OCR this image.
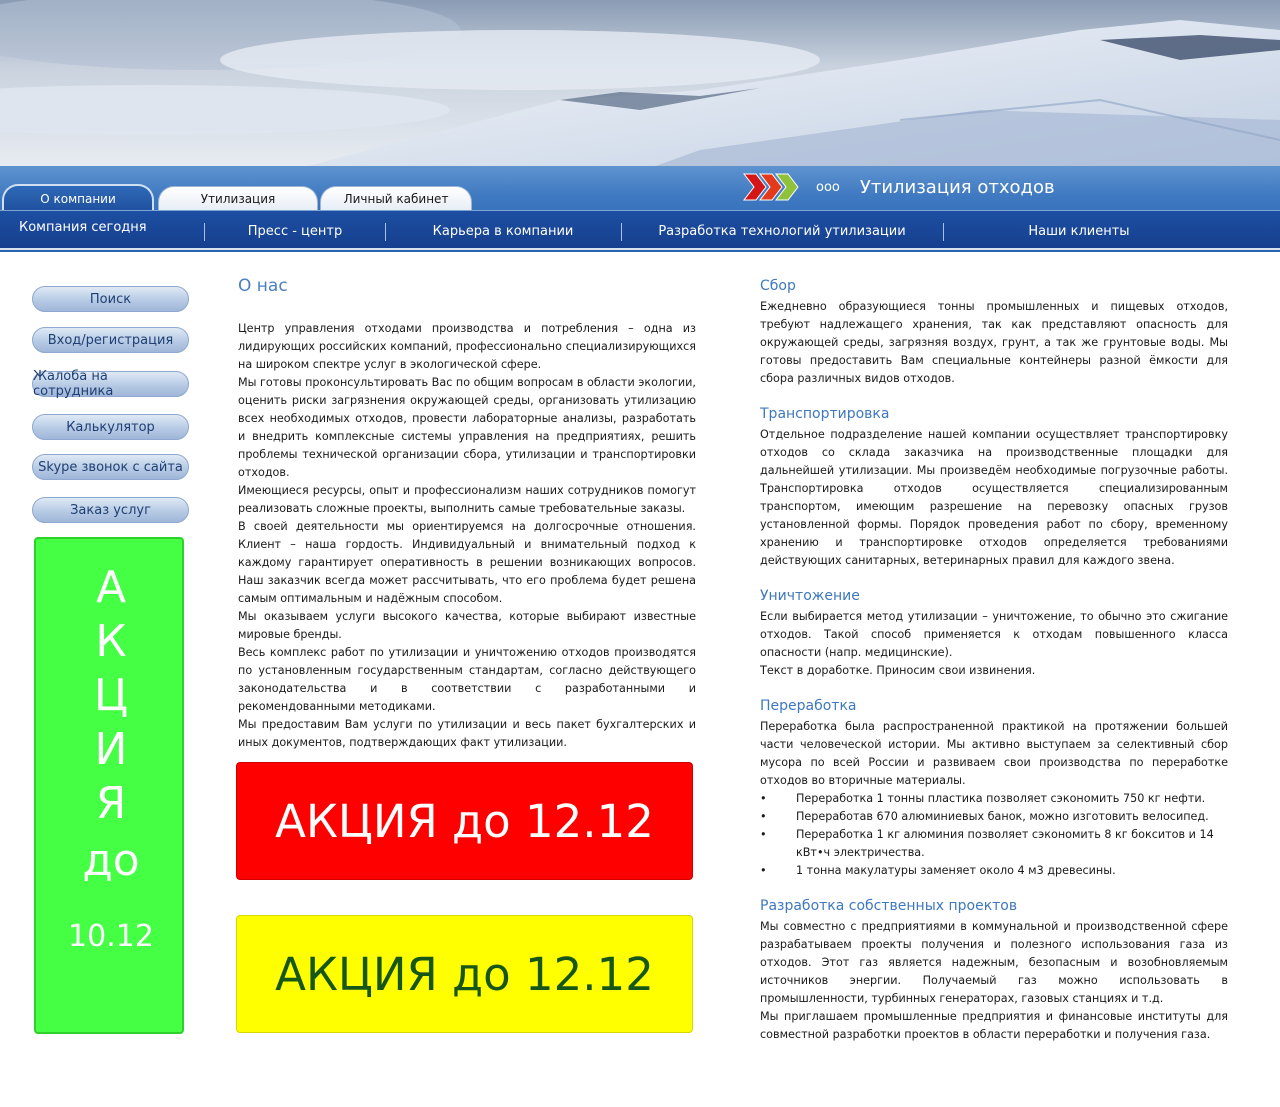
О компании	Утилизация	Личный кабинет
ooo Утилизация отходов
Компания сегодня	Пресс - центр	Карьера в компании	Разработка технологий утилизации	Наши клиенты
Поиск
Вход/регистрация
Жалоба на сотрудника
Калькулятор
Skype звонок с сайта
Заказ услуг
А
К
Ц
И
Я
до
10.12
О нас

Центр управления отходами производства и потребления – одна из лидирующих российских компаний, профессионально специализирующихся на широком спектре услуг в экологической сфере.

Мы готовы проконсультировать Вас по общим вопросам в области экологии, оценить риски загрязнения окружающей среды, организовать утилизацию всех необходимых отходов, провести лабораторные анализы, разработать и внедрить комплексные системы управления на предприятиях, решить проблемы технической организации сбора, утилизации и транспортировки отходов.

Имеющиеся ресурсы, опыт и профессионализм наших сотрудников помогут реализовать сложные проекты, выполнить самые требовательные заказы.

В своей деятельности мы ориентируемся на долгосрочные отношения. Клиент – наша гордость. Индивидуальный и внимательный подход к каждому гарантирует оперативность в решении возникающих вопросов. Наш заказчик всегда может рассчитывать, что его проблема будет решена самым оптимальным и надёжным способом.

Мы оказываем услуги высокого качества, которые выбирают известные мировые бренды.

Весь комплекс работ по утилизации и уничтожению отходов производятся по установленным государственным стандартам, согласно действующего законодательства и в соответствии с разработанными и рекомендованными методиками.

Мы предоставим Вам услуги по утилизации и весь пакет бухгалтерских и иных документов, подтверждающих факт утилизации.

АКЦИЯ до 12.12
АКЦИЯ до 12.12
Сбор

Ежедневно образующиеся тонны промышленных и пищевых отходов, требуют надлежащего хранения, так как представляют опасность для окружающей среды, загрязняя воздух, грунт, а так же грунтовые воды. Мы готовы предоставить Вам специальные контейнеры разной ёмкости для сбора различных видов отходов.

Транспортировка

Отдельное подразделение нашей компании осуществляет транспортировку отходов со склада заказчика на производственные площадки для дальнейшей утилизации. Мы произведём необходимые погрузочные работы. Транспортировка отходов осуществляется специализированным транспортом, имеющим разрешение на перевозку опасных грузов установленной формы. Порядок проведения работ по сбору, временному хранению и транспортировке отходов определяется требованиями действующих санитарных, ветеринарных правил для каждого звена.

Уничтожение

Если выбирается метод утилизации – уничтожение, то обычно это сжигание отходов. Такой способ применяется к отходам повышенного класса опасности (напр. медицинские).

Текст в доработке. Приносим свои извинения.

Переработка

Переработка была распространенной практикой на протяжении большей части человеческой истории. Мы активно выступаем за селективный сбор мусора по всей России и развиваем свои производства по переработке отходов во вторичные материалы.

•	Переработка 1 тонны пластика позволяет сэкономить 750 кг нефти.
•	Переработав 670 алюминиевых банок, можно изготовить велосипед.
•	Переработка 1 кг алюминия позволяет сэкономить 8 кг бокситов и 14 кВт•ч электричества.
•	1 тонна макулатуры заменяет около 4 м3 древесины.
Разработка собственных проектов

Мы совместно с предприятиями в коммунальной и производственной сфере разрабатываем проекты получения и полезного использования газа из отходов. Этот газ является надежным, безопасным и возобновляемым источников энергии. Получаемый газ можно использовать в промышленности, турбинных генераторах, газовых станциях и т.д.

Мы приглашаем промышленные предприятия и финансовые институты для совместной разработки проектов в области переработки и получения газа.
